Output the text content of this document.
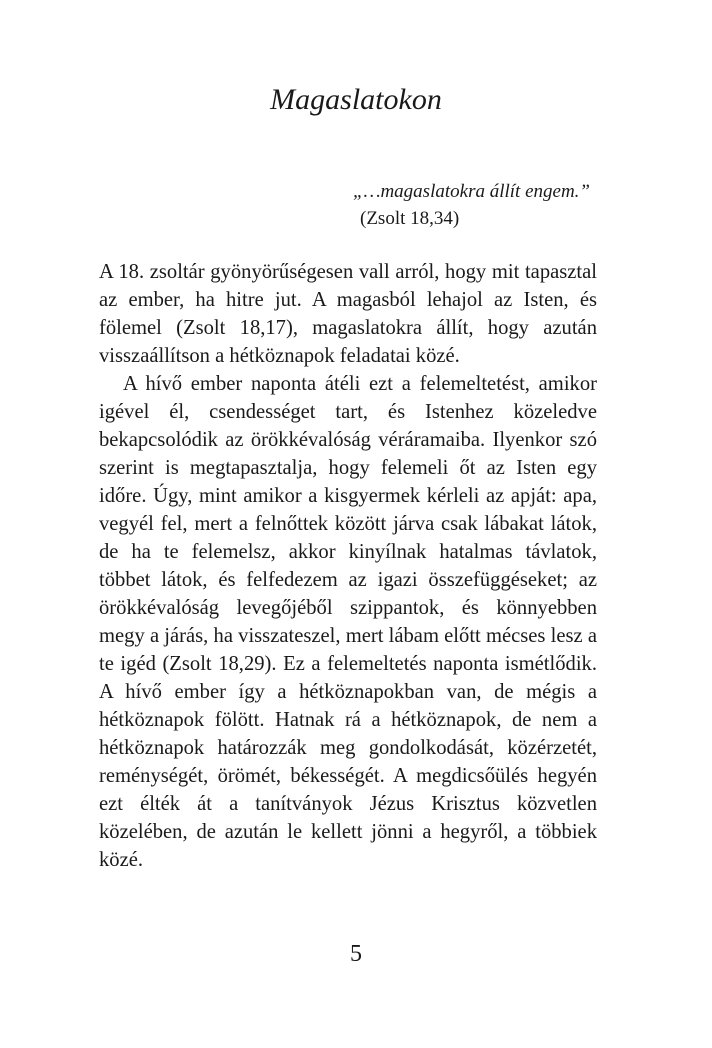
Magaslatokon
„…magaslatokra állít engem.”
(Zsolt 18,34)

A 18. zsoltár gyönyörűségesen vall arról, hogy mit tapasztal az ember, ha hitre jut. A magasból lehajol az Isten, és fölemel (Zsolt 18,17), magaslatokra állít, hogy azután visszaállítson a hétköznapok feladatai közé.

A hívő ember naponta átéli ezt a felemeltetést, amikor igével él, csendességet tart, és Istenhez közeledve bekapcsolódik az örökkévalóság véráramaiba. Ilyenkor szó szerint is megtapasztalja, hogy felemeli őt az Isten egy időre. Úgy, mint amikor a kisgyermek kérleli az apját: apa, vegyél fel, mert a felnőttek között járva csak lábakat látok, de ha te felemelsz, akkor kinyílnak hatalmas távlatok, többet látok, és felfedezem az igazi összefüggéseket; az örökkévalóság levegőjéből szippantok, és könnyebben megy a járás, ha visszateszel, mert lábam előtt mécses lesz a te igéd (Zsolt 18,29). Ez a felemeltetés naponta ismétlődik. A hívő ember így a hétköznapokban van, de mégis a hétköznapok fölött. Hatnak rá a hétköznapok, de nem a hétköznapok határozzák meg gondolkodását, közérzetét, reménységét, örömét, békességét. A megdicsőülés hegyén ezt élték át a tanítványok Jézus Krisztus közvetlen közelében, de azután le kellett jönni a hegyről, a többiek közé.

5
